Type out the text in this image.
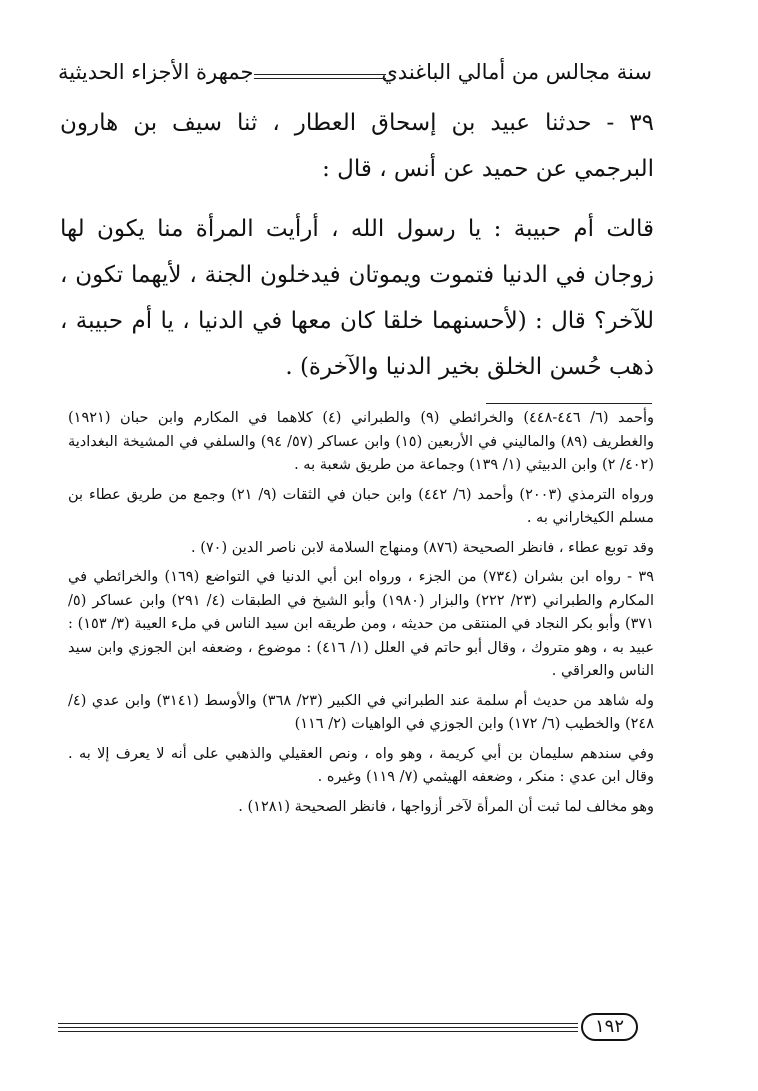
سنة مجالس من أمالي الباغندي
جمهرة الأجزاء الحديثية

٣٩ - حدثنا عبيد بن إسحاق العطار ، ثنا سيف بن هارون البرجمي عن حميد عن أنس ، قال :

قالت أم حبيبة : يا رسول الله ، أرأيت المرأة منا يكون لها زوجان في الدنيا فتموت ويموتان فيدخلون الجنة ، لأيهما تكون ، للآخر؟ قال : (لأحسنهما خلقا كان معها في الدنيا ، يا أم حبيبة ، ذهب حُسن الخلق بخير الدنيا والآخرة) .

وأحمد (٦/ ٤٤٦-٤٤٨) والخرائطي (٩) والطبراني (٤) كلاهما في المكارم وابن حبان (١٩٢١) والغطريف (٨٩) والماليني في الأربعين (١٥) وابن عساكر (٥٧/ ٩٤) والسلفي في المشيخة البغدادية (٤٠٢/ ٢) وابن الدبيثي (١/ ١٣٩) وجماعة من طريق شعبة به .

ورواه الترمذي (٢٠٠٣) وأحمد (٦/ ٤٤٢) وابن حبان في الثقات (٩/ ٢١) وجمع من طريق عطاء بن مسلم الكيخاراني به .

وقد توبع عطاء ، فانظر الصحيحة (٨٧٦) ومنهاج السلامة لابن ناصر الدين (٧٠) .

٣٩ - رواه ابن بشران (٧٣٤) من الجزء ، ورواه ابن أبي الدنيا في التواضع (١٦٩) والخرائطي في المكارم والطبراني (٢٣/ ٢٢٢) والبزار (١٩٨٠) وأبو الشيخ في الطبقات (٤/ ٢٩١) وابن عساكر (٥/ ٣٧١) وأبو بكر النجاد في المنتقى من حديثه ، ومن طريقه ابن سيد الناس في ملء العيبة (٣/ ١٥٣) : عبيد به ، وهو متروك ، وقال أبو حاتم في العلل (١/ ٤١٦) : موضوع ، وضعفه ابن الجوزي وابن سيد الناس والعراقي .

وله شاهد من حديث أم سلمة عند الطبراني في الكبير (٢٣/ ٣٦٨) والأوسط (٣١٤١) وابن عدي (٤/ ٢٤٨) والخطيب (٦/ ١٧٢) وابن الجوزي في الواهيات (٢/ ١١٦)

وفي سندهم سليمان بن أبي كريمة ، وهو واه ، ونص العقيلي والذهبي على أنه لا يعرف إلا به . وقال ابن عدي : منكر ، وضعفه الهيثمي (٧/ ١١٩) وغيره .

وهو مخالف لما ثبت أن المرأة لآخر أزواجها ، فانظر الصحيحة (١٢٨١) .

١٩٢
